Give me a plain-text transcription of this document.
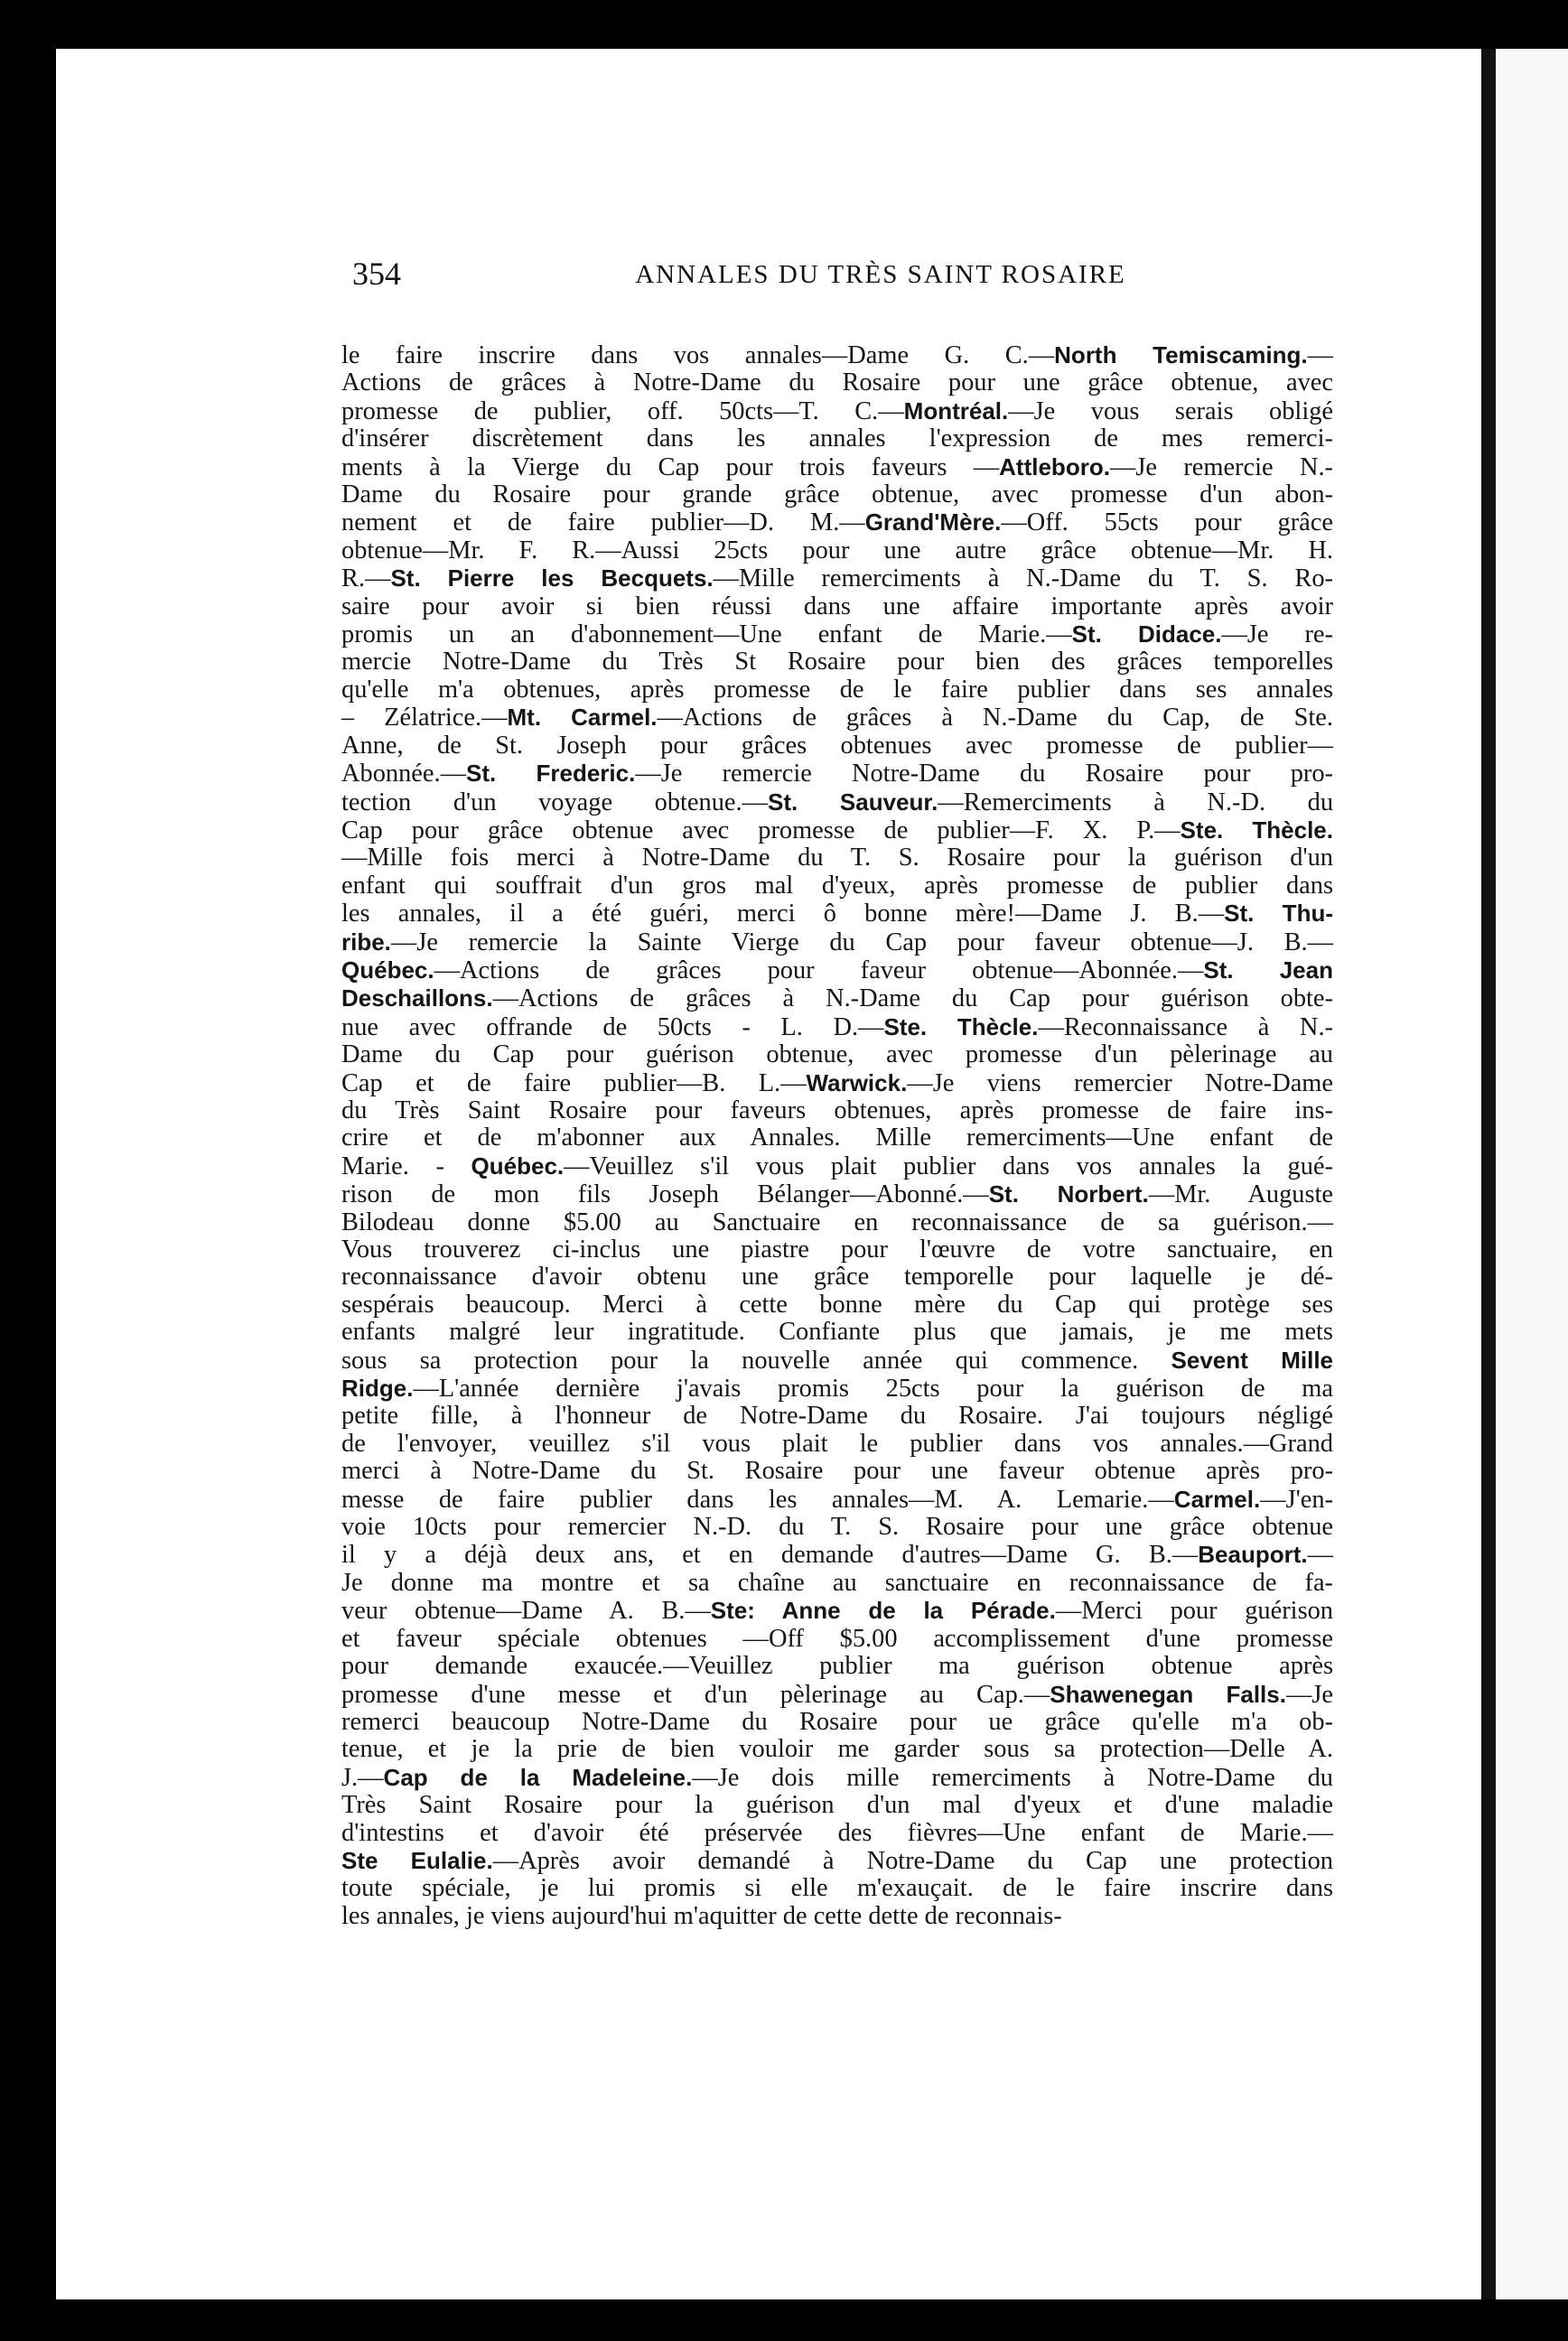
354	ANNALES DU TRÈS SAINT ROSAIRE
le faire inscrire dans vos annales—Dame G. C.—North Temiscaming.—
Actions de grâces à Notre-Dame du Rosaire pour une grâce obtenue, avec
promesse de publier, off. 50cts—T. C.—Montréal.—Je vous serais obligé
d'insérer discrètement dans les annales l'expression de mes remerci-
ments à la Vierge du Cap pour trois faveurs —Attleboro.—Je remercie N.-
Dame du Rosaire pour grande grâce obtenue, avec promesse d'un abon-
nement et de faire publier—D. M.—Grand'Mère.—Off. 55cts pour grâce
obtenue—Mr. F. R.—Aussi 25cts pour une autre grâce obtenue—Mr. H.
R.—St. Pierre les Becquets.—Mille remerciments à N.-Dame du T. S. Ro-
saire pour avoir si bien réussi dans une affaire importante après avoir
promis un an d'abonnement—Une enfant de Marie.—St. Didace.—Je re-
mercie Notre-Dame du Très St Rosaire pour bien des grâces temporelles
qu'elle m'a obtenues, après promesse de le faire publier dans ses annales
– Zélatrice.—Mt. Carmel.—Actions de grâces à N.-Dame du Cap, de Ste.
Anne, de St. Joseph pour grâces obtenues avec promesse de publier—
Abonnée.—St. Frederic.—Je remercie Notre-Dame du Rosaire pour pro-
tection d'un voyage obtenue.—St. Sauveur.—Remerciments à N.-D. du
Cap pour grâce obtenue avec promesse de publier—F. X. P.—Ste. Thècle.
—Mille fois merci à Notre-Dame du T. S. Rosaire pour la guérison d'un
enfant qui souffrait d'un gros mal d'yeux, après promesse de publier dans
les annales, il a été guéri, merci ô bonne mère!—Dame J. B.—St. Thu-
ribe.—Je remercie la Sainte Vierge du Cap pour faveur obtenue—J. B.—
Québec.—Actions de grâces pour faveur obtenue—Abonnée.—St. Jean
Deschaillons.—Actions de grâces à N.-Dame du Cap pour guérison obte-
nue avec offrande de 50cts - L. D.—Ste. Thècle.—Reconnaissance à N.-
Dame du Cap pour guérison obtenue, avec promesse d'un pèlerinage au
Cap et de faire publier—B. L.—Warwick.—Je viens remercier Notre-Dame
du Très Saint Rosaire pour faveurs obtenues, après promesse de faire ins-
crire et de m'abonner aux Annales. Mille remerciments—Une enfant de
Marie. - Québec.—Veuillez s'il vous plait publier dans vos annales la gué-
rison de mon fils Joseph Bélanger—Abonné.—St. Norbert.—Mr. Auguste
Bilodeau donne $5.00 au Sanctuaire en reconnaissance de sa guérison.—
Vous trouverez ci-inclus une piastre pour l'œuvre de votre sanctuaire, en
reconnaissance d'avoir obtenu une grâce temporelle pour laquelle je dé-
sespérais beaucoup. Merci à cette bonne mère du Cap qui protège ses
enfants malgré leur ingratitude. Confiante plus que jamais, je me mets
sous sa protection pour la nouvelle année qui commence. Sevent Mille
Ridge.—L'année dernière j'avais promis 25cts pour la guérison de ma
petite fille, à l'honneur de Notre-Dame du Rosaire. J'ai toujours négligé
de l'envoyer, veuillez s'il vous plait le publier dans vos annales.—Grand
merci à Notre-Dame du St. Rosaire pour une faveur obtenue après pro-
messe de faire publier dans les annales—M. A. Lemarie.—Carmel.—J'en-
voie 10cts pour remercier N.-D. du T. S. Rosaire pour une grâce obtenue
il y a déjà deux ans, et en demande d'autres—Dame G. B.—Beauport.—
Je donne ma montre et sa chaîne au sanctuaire en reconnaissance de fa-
veur obtenue—Dame A. B.—Ste: Anne de la Pérade.—Merci pour guérison
et faveur spéciale obtenues —Off $5.00 accomplissement d'une promesse
pour demande exaucée.—Veuillez publier ma guérison obtenue après
promesse d'une messe et d'un pèlerinage au Cap.—Shawenegan Falls.—Je
remerci beaucoup Notre-Dame du Rosaire pour ue grâce qu'elle m'a ob-
tenue, et je la prie de bien vouloir me garder sous sa protection—Delle A.
J.—Cap de la Madeleine.—Je dois mille remerciments à Notre-Dame du
Très Saint Rosaire pour la guérison d'un mal d'yeux et d'une maladie
d'intestins et d'avoir été préservée des fièvres—Une enfant de Marie.—
Ste Eulalie.—Après avoir demandé à Notre-Dame du Cap une protection
toute spéciale, je lui promis si elle m'exauçait. de le faire inscrire dans
les annales, je viens aujourd'hui m'aquitter de cette dette de reconnais-
